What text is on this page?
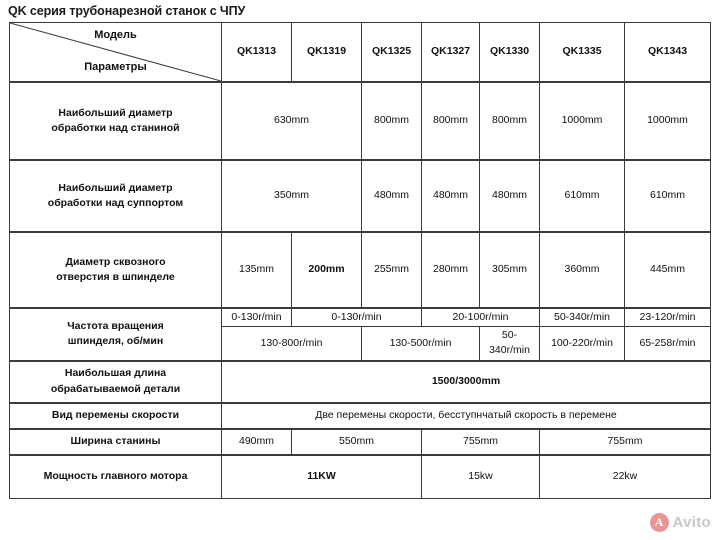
QK серия трубонарезной станок с ЧПУ
Модель
Параметры	QK1313	QK1319	QK1325	QK1327	QK1330	QK1335	QK1343

Наибольший диаметр
обработки над станиной	630mm		800mm	800mm	800mm	1000mm	1000mm

Наибольший диаметр
обработки над суппортом	350mm		480mm	480mm	480mm	610mm	610mm

Диаметр сквозного
отверстия в шпинделе	135mm	200mm	255mm	280mm	305mm	360mm	445mm

Частота вращения
шпинделя, об/мин	0-130r/min	0-130r/min		20-100r/min		50-340r/min	23-120r/min
	130-800r/min		130-500r/min		50-340r/min	100-220r/min	65-258r/min

Наибольшая длина
обрабатываемой детали	1500/3000mm						

Вид перемены скорости	Две перемены скорости, бесступнчатый скорость в перемене						

Ширина станины	490mm	550mm		755mm		755mm	

Мощность главного мотора	11KW			15kw		22kw	
A Avito
